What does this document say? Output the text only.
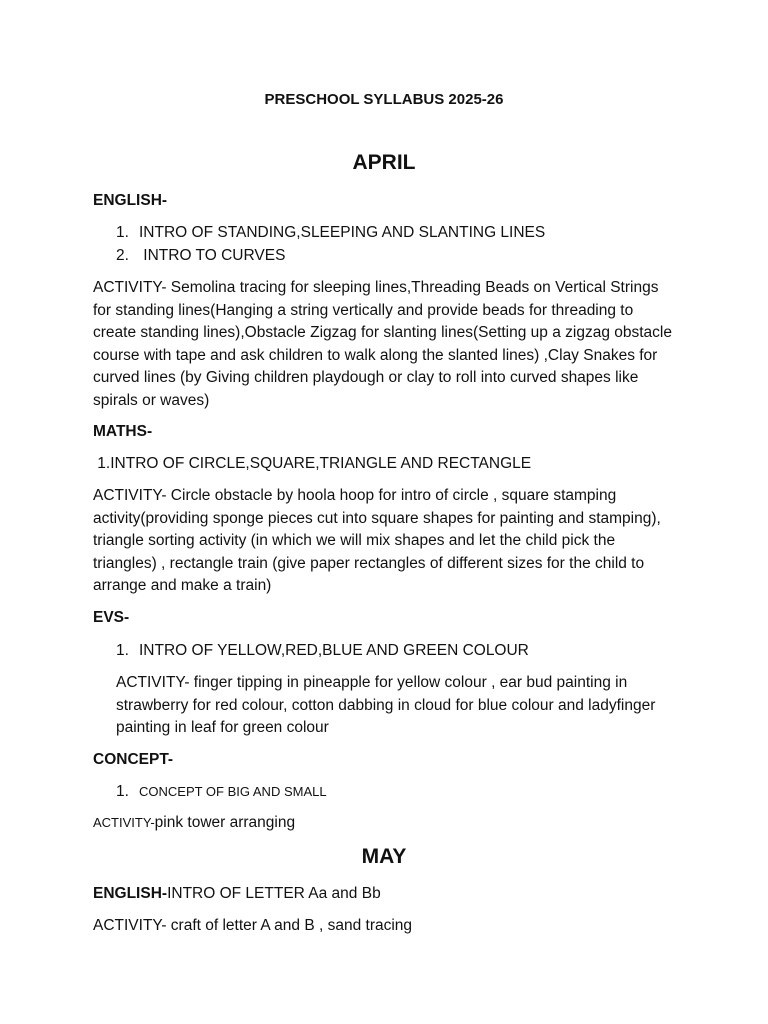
PRESCHOOL SYLLABUS 2025-26
APRIL
ENGLISH-
1. INTRO OF STANDING,SLEEPING AND SLANTING LINES
2. INTRO TO CURVES

ACTIVITY- Semolina tracing for sleeping lines,Threading Beads on Vertical Strings for standing lines(Hanging a string vertically and provide beads for threading to create standing lines),Obstacle Zigzag for slanting lines(Setting up a zigzag obstacle course with tape and ask children to walk along the slanted lines) ,Clay Snakes for curved lines (by Giving children playdough or clay to roll into curved shapes like spirals or waves)

MATHS-
1.INTRO OF CIRCLE,SQUARE,TRIANGLE AND RECTANGLE

ACTIVITY- Circle obstacle by hoola hoop for intro of circle , square stamping activity(providing sponge pieces cut into square shapes for painting and stamping), triangle sorting activity (in which we will mix shapes and let the child pick the triangles) , rectangle train (give paper rectangles of different sizes for the child to arrange and make a train)

EVS-
1. INTRO OF YELLOW,RED,BLUE AND GREEN COLOUR

ACTIVITY- finger tipping in pineapple for yellow colour , ear bud painting in strawberry for red colour, cotton dabbing in cloud for blue colour and ladyfinger painting in leaf for green colour

CONCEPT-
1. CONCEPT OF BIG AND SMALL
ACTIVITY-pink tower arranging
MAY
ENGLISH-INTRO OF LETTER Aa and Bb
ACTIVITY- craft of letter A and B , sand tracing
